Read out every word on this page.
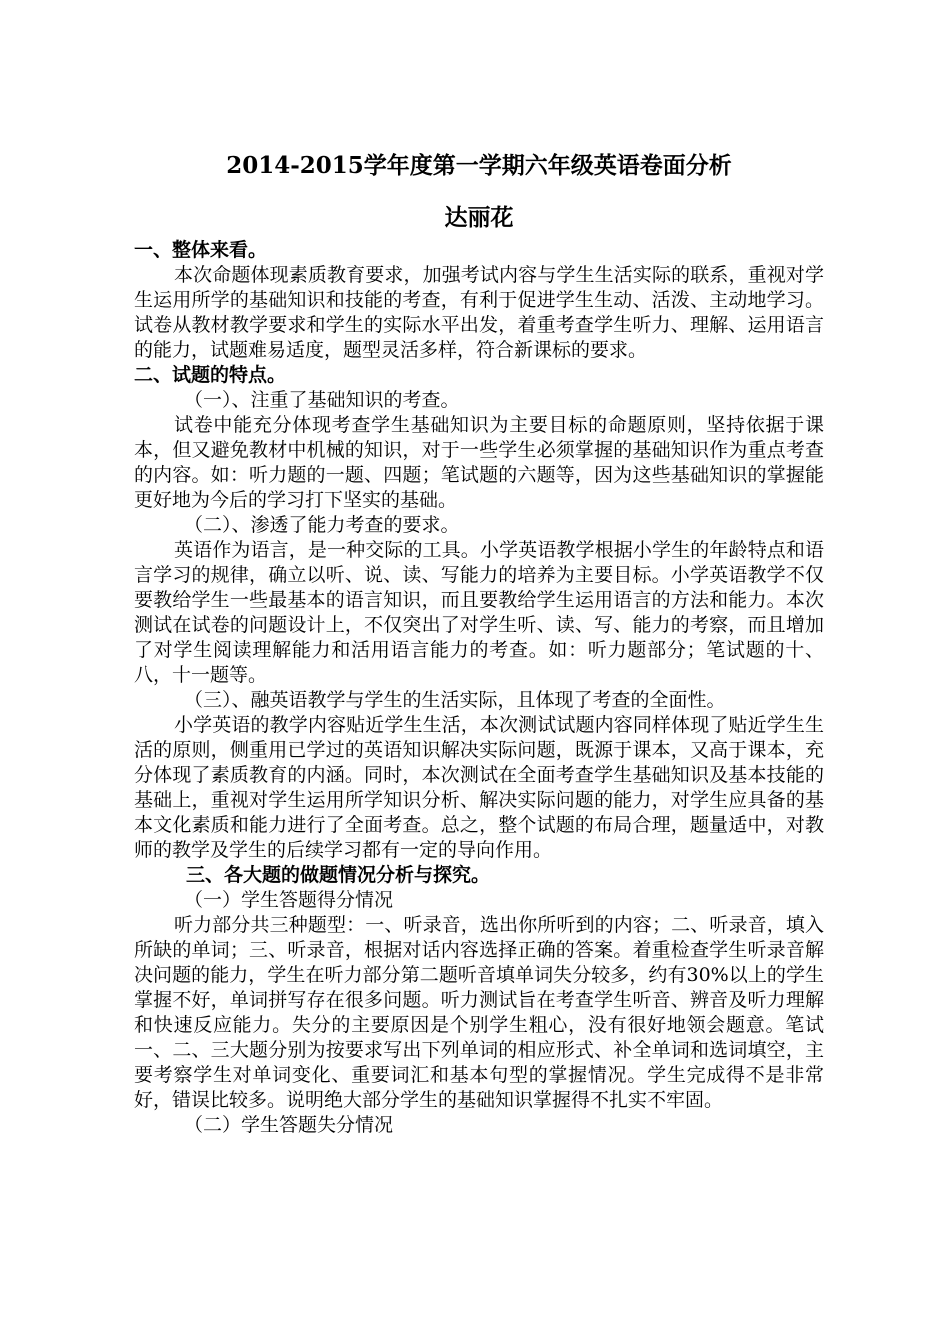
2014-2015学年度第一学期六年级英语卷面分析
达丽花

一、整体来看。

本次命题体现素质教育要求，加强考试内容与学生生活实际的联系，重视对学生运用所学的基础知识和技能的考查，有利于促进学生生动、活泼、主动地学习。试卷从教材教学要求和学生的实际水平出发，着重考查学生听力、理解、运用语言的能力，试题难易适度，题型灵活多样，符合新课标的要求。

二、试题的特点。

（一）、注重了基础知识的考查。

试卷中能充分体现考查学生基础知识为主要目标的命题原则，坚持依据于课本，但又避免教材中机械的知识，对于一些学生必须掌握的基础知识作为重点考查的内容。如：听力题的一题、四题；笔试题的六题等，因为这些基础知识的掌握能更好地为今后的学习打下坚实的基础。

（二）、渗透了能力考查的要求。

英语作为语言，是一种交际的工具。小学英语教学根据小学生的年龄特点和语言学习的规律，确立以听、说、读、写能力的培养为主要目标。小学英语教学不仅要教给学生一些最基本的语言知识，而且要教给学生运用语言的方法和能力。本次测试在试卷的问题设计上，不仅突出了对学生听、读、写、能力的考察，而且增加了对学生阅读理解能力和活用语言能力的考查。如：听力题部分；笔试题的十、八，十一题等。

（三）、融英语教学与学生的生活实际，且体现了考查的全面性。

小学英语的教学内容贴近学生生活，本次测试试题内容同样体现了贴近学生生活的原则，侧重用已学过的英语知识解决实际问题，既源于课本，又高于课本，充分体现了素质教育的内涵。同时，本次测试在全面考查学生基础知识及基本技能的基础上，重视对学生运用所学知识分析、解决实际问题的能力，对学生应具备的基本文化素质和能力进行了全面考查。总之，整个试题的布局合理，题量适中，对教师的教学及学生的后续学习都有一定的导向作用。

三、各大题的做题情况分析与探究。

（一）学生答题得分情况

听力部分共三种题型：一、听录音，选出你所听到的内容；二、听录音，填入所缺的单词；三、听录音，根据对话内容选择正确的答案。着重检查学生听录音解决问题的能力，学生在听力部分第二题听音填单词失分较多，约有30%以上的学生掌握不好，单词拼写存在很多问题。听力测试旨在考查学生听音、辨音及听力理解和快速反应能力。失分的主要原因是个别学生粗心，没有很好地领会题意。笔试一、二、三大题分别为按要求写出下列单词的相应形式、补全单词和选词填空，主要考察学生对单词变化、重要词汇和基本句型的掌握情况。学生完成得不是非常好，错误比较多。说明绝大部分学生的基础知识掌握得不扎实不牢固。

（二）学生答题失分情况
